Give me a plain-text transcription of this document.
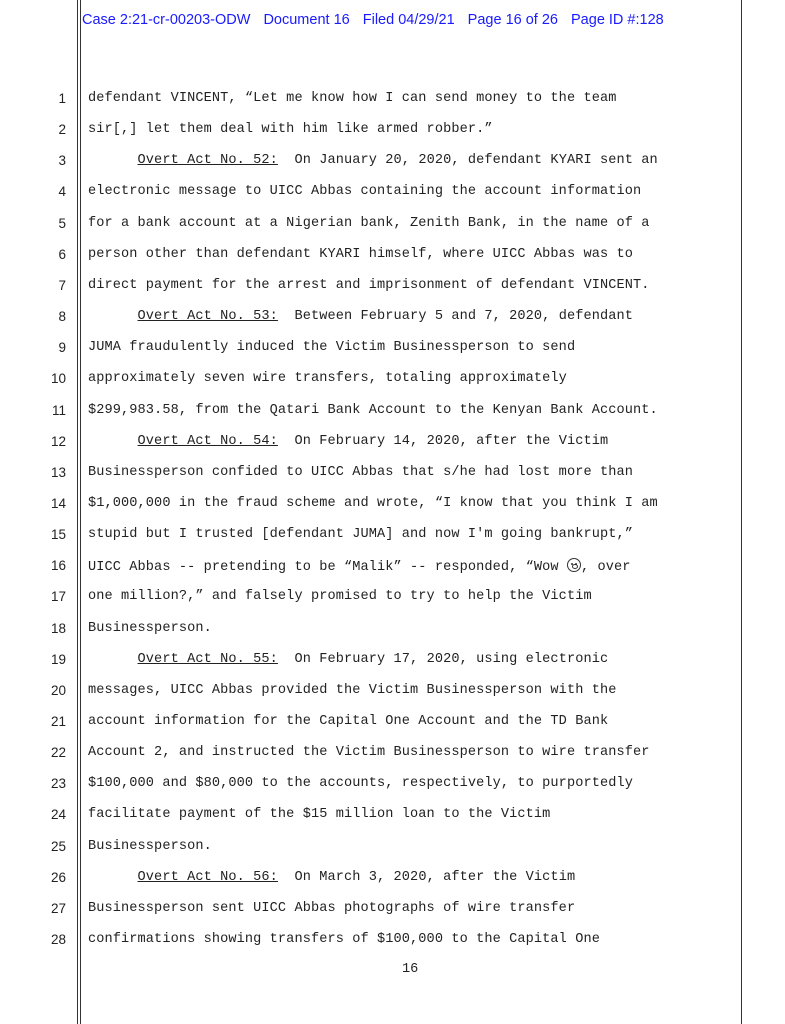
Case 2:21-cr-00203-ODW Document 16 Filed 04/29/21 Page 16 of 26 Page ID #:128
1 defendant VINCENT, “Let me know how I can send money to the team
2 sir[,] let them deal with him like armed robber.”
3	Overt Act No. 52:  On January 20, 2020, defendant KYARI sent an
4 electronic message to UICC Abbas containing the account information
5 for a bank account at a Nigerian bank, Zenith Bank, in the name of a
6 person other than defendant KYARI himself, where UICC Abbas was to
7 direct payment for the arrest and imprisonment of defendant VINCENT.
8	Overt Act No. 53:  Between February 5 and 7, 2020, defendant
9 JUMA fraudulently induced the Victim Businessperson to send
10 approximately seven wire transfers, totaling approximately
11 $299,983.58, from the Qatari Bank Account to the Kenyan Bank Account.
12	Overt Act No. 54:  On February 14, 2020, after the Victim
13 Businessperson confided to UICC Abbas that s/he had lost more than
14 $1,000,000 in the fraud scheme and wrote, “I know that you think I am
15 stupid but I trusted [defendant JUMA] and now I'm going bankrupt,”
16 UICC Abbas -- pretending to be “Malik” -- responded, “Wow
, over
17 one million?,” and falsely promised to try to help the Victim
18 Businessperson.
19	Overt Act No. 55:  On February 17, 2020, using electronic
20 messages, UICC Abbas provided the Victim Businessperson with the
21 account information for the Capital One Account and the TD Bank
22 Account 2, and instructed the Victim Businessperson to wire transfer
23 $100,000 and $80,000 to the accounts, respectively, to purportedly
24 facilitate payment of the $15 million loan to the Victim
25 Businessperson.
26	Overt Act No. 56:  On March 3, 2020, after the Victim
27 Businessperson sent UICC Abbas photographs of wire transfer
28 confirmations showing transfers of $100,000 to the Capital One
16
